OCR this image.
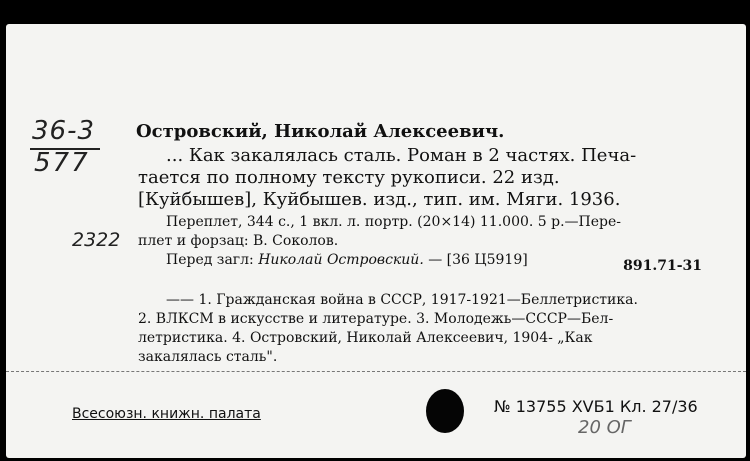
36-3
577
2322
Островский, Николай Алексеевич.
... Как закалялась сталь. Роман в 2 частях. Печа-
тается по полному тексту рукописи. 22 изд.
[Куйбышев], Куйбышев. изд., тип. им. Мяги. 1936.
Переплет, 344 с., 1 вкл. л. портр. (20×14) 11.000. 5 р.—Пере-
плет и форзац: В. Соколов.
Перед загл: Николай Островский. — [36 Ц5919]	891.71-31
—— 1. Гражданская война в СССР, 1917-1921—Беллетристика.
2. ВЛКСМ в искусстве и литературе. 3. Молодежь—СССР—Бел-
летристика. 4. Островский, Николай Алексеевич, 1904- „Как
закалялась сталь".
Всесоюзн. книжн. палата	№ 13755 XVБ1 Кл. 27/36
20 ОГ
